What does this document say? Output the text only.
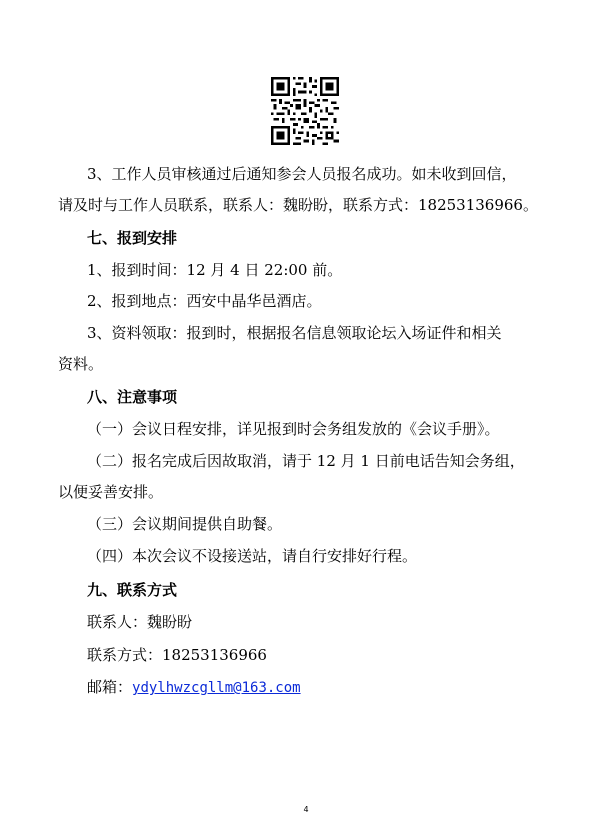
3、工作人员审核通过后通知参会人员报名成功。如未收到回信，
请及时与工作人员联系，联系人：魏盼盼，联系方式：18253136966。
七、报到安排
1、报到时间：12 月 4 日 22:00 前。
2、报到地点：西安中晶华邑酒店。
3、资料领取：报到时，根据报名信息领取论坛入场证件和相关
资料。
八、注意事项
（一）会议日程安排，详见报到时会务组发放的《会议手册》。
（二）报名完成后因故取消，请于 12 月 1 日前电话告知会务组，
以便妥善安排。
（三）会议期间提供自助餐。
（四）本次会议不设接送站，请自行安排好行程。
九、联系方式
联系人：魏盼盼
联系方式：18253136966
邮箱：ydylhwzcgllm@163.com
4
